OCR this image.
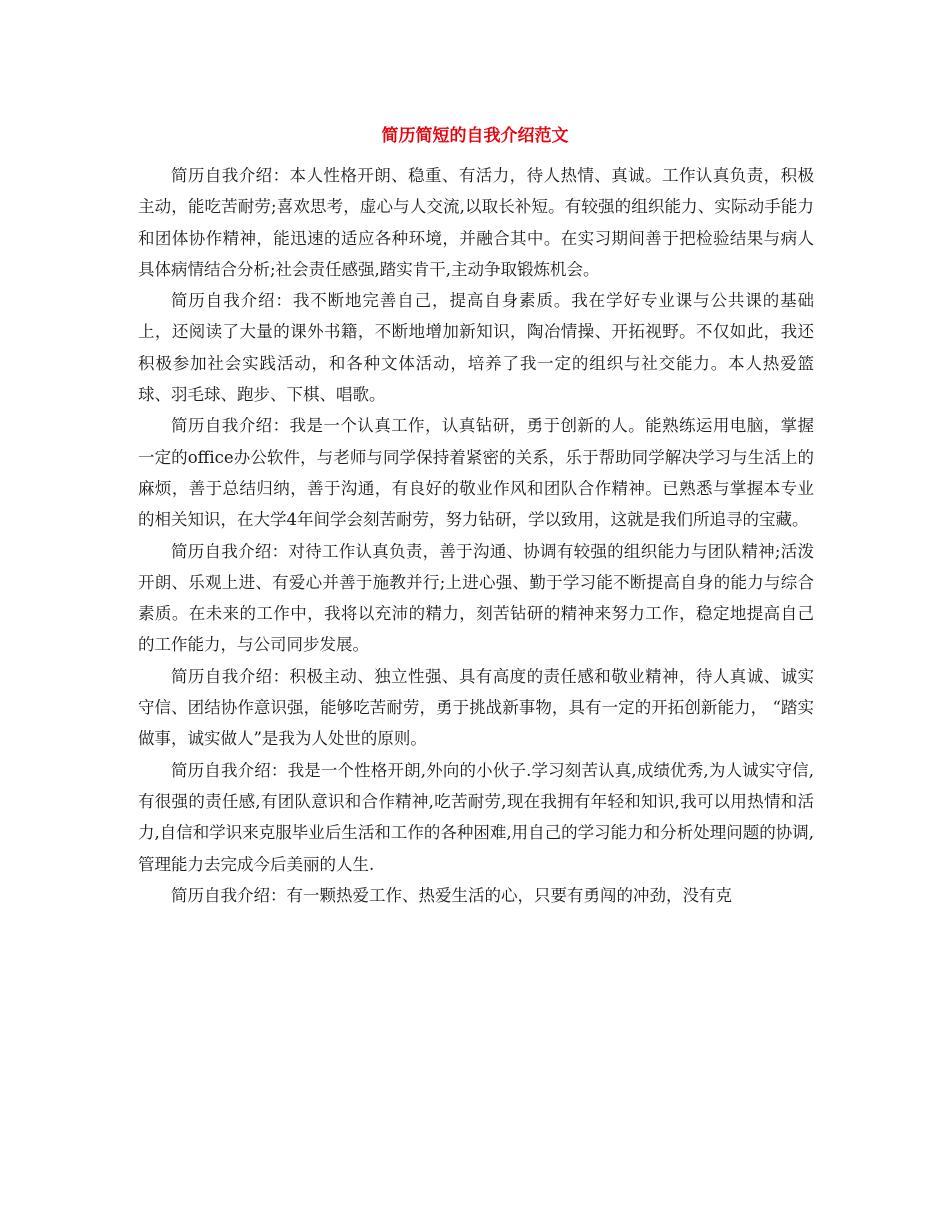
简历简短的自我介绍范文

简历自我介绍：本人性格开朗、稳重、有活力，待人热情、真诚。工作认真负责，积极主动，能吃苦耐劳;喜欢思考，虚心与人交流,以取长补短。有较强的组织能力、实际动手能力和团体协作精神，能迅速的适应各种环境，并融合其中。在实习期间善于把检验结果与病人具体病情结合分析;社会责任感强,踏实肯干,主动争取锻炼机会。

简历自我介绍：我不断地完善自己，提高自身素质。我在学好专业课与公共课的基础上，还阅读了大量的课外书籍，不断地增加新知识，陶冶情操、开拓视野。不仅如此，我还积极参加社会实践活动，和各种文体活动，培养了我一定的组织与社交能力。本人热爱篮球、羽毛球、跑步、下棋、唱歌。

简历自我介绍：我是一个认真工作，认真钻研，勇于创新的人。能熟练运用电脑，掌握一定的office办公软件，与老师与同学保持着紧密的关系，乐于帮助同学解决学习与生活上的麻烦，善于总结归纳，善于沟通，有良好的敬业作风和团队合作精神。已熟悉与掌握本专业的相关知识，在大学4年间学会刻苦耐劳，努力钻研，学以致用，这就是我们所追寻的宝藏。

简历自我介绍：对待工作认真负责，善于沟通、协调有较强的组织能力与团队精神;活泼开朗、乐观上进、有爱心并善于施教并行;上进心强、勤于学习能不断提高自身的能力与综合素质。在未来的工作中，我将以充沛的精力，刻苦钻研的精神来努力工作，稳定地提高自己的工作能力，与公司同步发展。

简历自我介绍：积极主动、独立性强、具有高度的责任感和敬业精神，待人真诚、诚实守信、团结协作意识强，能够吃苦耐劳，勇于挑战新事物，具有一定的开拓创新能力， “踏实做事，诚实做人”是我为人处世的原则。

简历自我介绍：我是一个性格开朗,外向的小伙子.学习刻苦认真,成绩优秀,为人诚实守信,有很强的责任感,有团队意识和合作精神,吃苦耐劳,现在我拥有年轻和知识,我可以用热情和活力,自信和学识来克服毕业后生活和工作的各种困难,用自己的学习能力和分析处理问题的协调,管理能力去完成今后美丽的人生.

简历自我介绍：有一颗热爱工作、热爱生活的心，只要有勇闯的冲劲，没有克
